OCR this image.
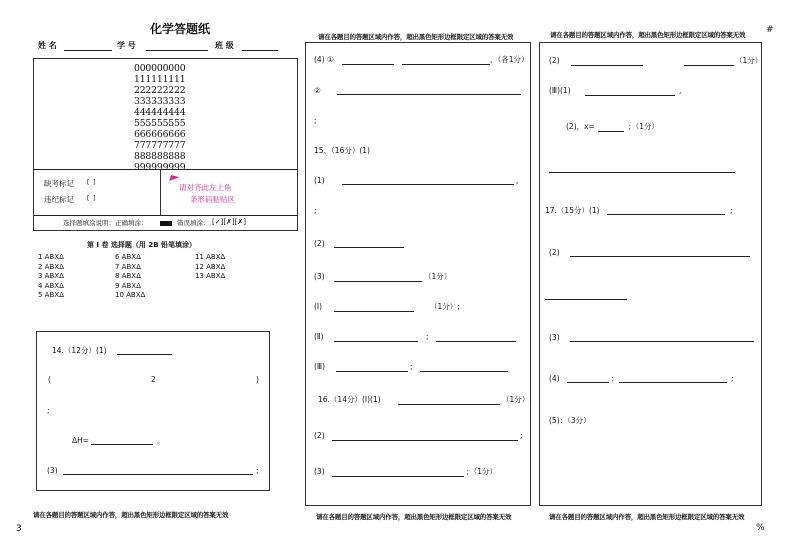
化学答题纸
姓 名	学 号	班 级
000000000
111111111
222222222
333333333
444444444
555555555
666666666
777777777
888888888
999999999
缺考标记 [  ]
违纪标记 [  ]
请对齐此左上角
条形码粘贴区
选择题填涂说明：正确填涂：	错误填涂： [✓][✗][✗]
第 I 卷 选择题（用 2B 铅笔填涂）
1 ABXΔ
2 ABXΔ
3 ABXΔ
4 ABXΔ
5 ABXΔ
6 ABXΔ
7 ABXΔ
8 ABXΔ
9 ABXΔ
10 ABXΔ
11 ABXΔ
12 ABXΔ
13 ABXΔ
14.（12分）(1)
(	2	)
;
ΔH=	。
(3)	;
请在各题目的答题区域内作答，超出黑色矩形边框限定区域的答案无效
请在各题目的答题区域内作答，超出黑色矩形边框限定区域的答案无效
(4) ①	，（各1分）
②
;
15、（16分）(1)
(1)	,
;
(2)
(3)	（1分）
(Ⅰ)	（1分）;
(Ⅱ)	;
(Ⅲ)	;
16.（14分）(Ⅰ)(1)	（1分）;
(2)	;
(3)	；（1分）
请在各题目的答题区域内作答，超出黑色矩形边框限定区域的答案无效
请在各题目的答题区域内作答，超出黑色矩形边框限定区域的答案无效 #
(2)	（1分）
(Ⅲ)(1)	,
(2)，x=	；（1分）
17.（15分）(1)	;
(2)
(3)
(4)	；	;
(5)：（3分）
请在各题目的答题区域内作答，超出黑色矩形边框限定区域的答案无效
3	%
